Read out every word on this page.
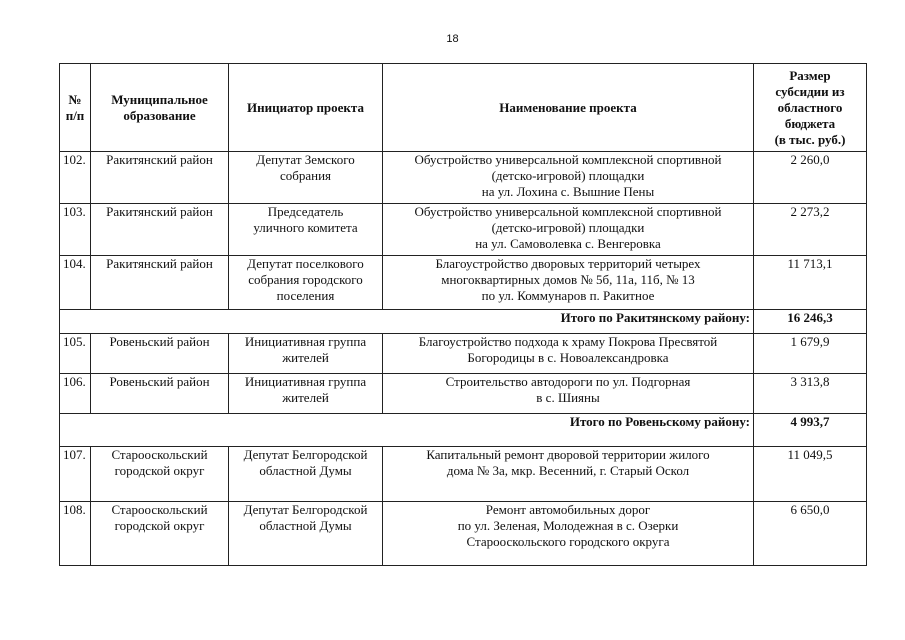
18
№
п/п	Муниципальное
образование	Инициатор проекта	Наименование проекта	Размер
субсидии из
областного
бюджета
(в тыс. руб.)
102.	Ракитянский район	Депутат Земского
собрания	Обустройство универсальной комплексной спортивной
(детско-игровой) площадки
на ул. Лохина с. Вышние Пены	2 260,0
103.	Ракитянский район	Председатель
уличного комитета	Обустройство универсальной комплексной спортивной
(детско-игровой) площадки
на ул. Самоволевка с. Венгеровка	2 273,2
104.	Ракитянский район	Депутат поселкового
собрания городского
поселения	Благоустройство дворовых территорий четырех
многоквартирных домов № 5б, 11а, 11б, № 13
по ул. Коммунаров п. Ракитное	11 713,1
Итого по Ракитянскому району:				16 246,3
105.	Ровеньский район	Инициативная группа
жителей	Благоустройство подхода к храму Покрова Пресвятой
Богородицы в с. Новоалександровка	1 679,9
106.	Ровеньский район	Инициативная группа
жителей	Строительство автодороги по ул. Подгорная
в с. Шияны	3 313,8
Итого по Ровеньскому району:				4 993,7
107.	Старооскольский
городской округ	Депутат Белгородской
областной Думы	Капитальный ремонт дворовой территории жилого
дома № 3а, мкр. Весенний, г. Старый Оскол	11 049,5
108.	Старооскольский
городской округ	Депутат Белгородской
областной Думы	Ремонт автомобильных дорог
по ул. Зеленая, Молодежная в с. Озерки
Старооскольского городского округа	6 650,0
